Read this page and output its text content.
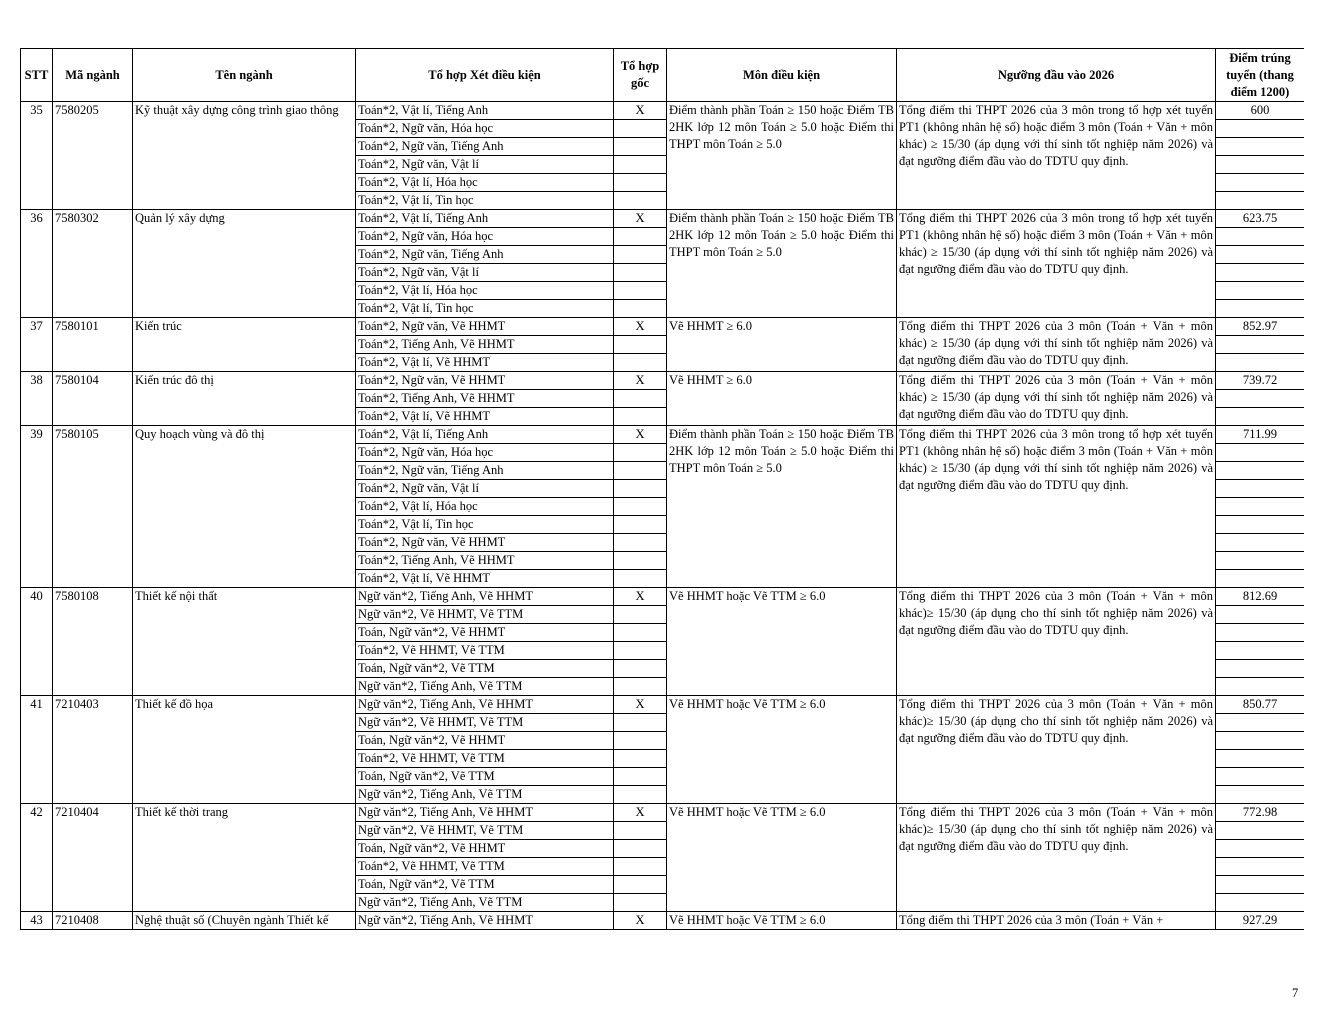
STT	Mã ngành	Tên ngành	Tổ hợp Xét điều kiện	Tổ hợp gốc	Môn điều kiện	Ngưỡng đầu vào 2026	Điểm trúng tuyển (thang điểm 1200)
35	7580205	Kỹ thuật xây dựng công trình giao thông	Toán*2, Vật lí, Tiếng Anh	X	Điểm thành phần Toán ≥ 150 hoặc Điểm TB 2HK lớp 12 môn Toán ≥ 5.0 hoặc Điểm thi THPT môn Toán ≥ 5.0	Tổng điểm thi THPT 2026 của 3 môn trong tổ hợp xét tuyển PT1 (không nhân hệ số) hoặc điểm 3 môn (Toán + Văn + môn khác) ≥ 15/30 (áp dụng với thí sinh tốt nghiệp năm 2026) và đạt ngưỡng điểm đầu vào do TDTU quy định.	600

			Toán*2, Ngữ văn, Hóa học				
			Toán*2, Ngữ văn, Tiếng Anh				
			Toán*2, Ngữ văn, Vật lí				
			Toán*2, Vật lí, Hóa học				
			Toán*2, Vật lí, Tin học				
36	7580302	Quản lý xây dựng	Toán*2, Vật lí, Tiếng Anh	X	Điểm thành phần Toán ≥ 150 hoặc Điểm TB 2HK lớp 12 môn Toán ≥ 5.0 hoặc Điểm thi THPT môn Toán ≥ 5.0	Tổng điểm thi THPT 2026 của 3 môn trong tổ hợp xét tuyển PT1 (không nhân hệ số) hoặc điểm 3 môn (Toán + Văn + môn khác) ≥ 15/30 (áp dụng với thí sinh tốt nghiệp năm 2026) và đạt ngưỡng điểm đầu vào do TDTU quy định.	623.75

			Toán*2, Ngữ văn, Hóa học				
			Toán*2, Ngữ văn, Tiếng Anh				
			Toán*2, Ngữ văn, Vật lí				
			Toán*2, Vật lí, Hóa học				
			Toán*2, Vật lí, Tin học				
37	7580101	Kiến trúc	Toán*2, Ngữ văn, Vẽ HHMT	X	Vẽ HHMT ≥ 6.0	Tổng điểm thi THPT 2026 của 3 môn (Toán + Văn + môn khác) ≥ 15/30 (áp dụng với thí sinh tốt nghiệp năm 2026) và đạt ngưỡng điểm đầu vào do TDTU quy định.	852.97

			Toán*2, Tiếng Anh, Vẽ HHMT				
			Toán*2, Vật lí, Vẽ HHMT				
38	7580104	Kiến trúc đô thị	Toán*2, Ngữ văn, Vẽ HHMT	X	Vẽ HHMT ≥ 6.0	Tổng điểm thi THPT 2026 của 3 môn (Toán + Văn + môn khác) ≥ 15/30 (áp dụng với thí sinh tốt nghiệp năm 2026) và đạt ngưỡng điểm đầu vào do TDTU quy định.	739.72

			Toán*2, Tiếng Anh, Vẽ HHMT				
			Toán*2, Vật lí, Vẽ HHMT				
39	7580105	Quy hoạch vùng và đô thị	Toán*2, Vật lí, Tiếng Anh	X	Điểm thành phần Toán ≥ 150 hoặc Điểm TB 2HK lớp 12 môn Toán ≥ 5.0 hoặc Điểm thi THPT môn Toán ≥ 5.0	Tổng điểm thi THPT 2026 của 3 môn trong tổ hợp xét tuyển PT1 (không nhân hệ số) hoặc điểm 3 môn (Toán + Văn + môn khác) ≥ 15/30 (áp dụng với thí sinh tốt nghiệp năm 2026) và đạt ngưỡng điểm đầu vào do TDTU quy định.	711.99

			Toán*2, Ngữ văn, Hóa học				
			Toán*2, Ngữ văn, Tiếng Anh				
			Toán*2, Ngữ văn, Vật lí				
			Toán*2, Vật lí, Hóa học				
			Toán*2, Vật lí, Tin học				
			Toán*2, Ngữ văn, Vẽ HHMT				
			Toán*2, Tiếng Anh, Vẽ HHMT				
			Toán*2, Vật lí, Vẽ HHMT				
40	7580108	Thiết kế nội thất	Ngữ văn*2, Tiếng Anh, Vẽ HHMT	X	Vẽ HHMT hoặc Vẽ TTM ≥ 6.0	Tổng điểm thi THPT 2026 của 3 môn (Toán + Văn + môn khác)≥ 15/30 (áp dụng cho thí sinh tốt nghiệp năm 2026) và đạt ngưỡng điểm đầu vào do TDTU quy định.	812.69

			Ngữ văn*2, Vẽ HHMT, Vẽ TTM				
			Toán, Ngữ văn*2, Vẽ HHMT				
			Toán*2, Vẽ HHMT, Vẽ TTM				
			Toán, Ngữ văn*2, Vẽ TTM				
			Ngữ văn*2, Tiếng Anh, Vẽ TTM				
41	7210403	Thiết kế đồ họa	Ngữ văn*2, Tiếng Anh, Vẽ HHMT	X	Vẽ HHMT hoặc Vẽ TTM ≥ 6.0	Tổng điểm thi THPT 2026 của 3 môn (Toán + Văn + môn khác)≥ 15/30 (áp dụng cho thí sinh tốt nghiệp năm 2026) và đạt ngưỡng điểm đầu vào do TDTU quy định.	850.77

			Ngữ văn*2, Vẽ HHMT, Vẽ TTM				
			Toán, Ngữ văn*2, Vẽ HHMT				
			Toán*2, Vẽ HHMT, Vẽ TTM				
			Toán, Ngữ văn*2, Vẽ TTM				
			Ngữ văn*2, Tiếng Anh, Vẽ TTM				
42	7210404	Thiết kế thời trang	Ngữ văn*2, Tiếng Anh, Vẽ HHMT	X	Vẽ HHMT hoặc Vẽ TTM ≥ 6.0	Tổng điểm thi THPT 2026 của 3 môn (Toán + Văn + môn khác)≥ 15/30 (áp dụng cho thí sinh tốt nghiệp năm 2026) và đạt ngưỡng điểm đầu vào do TDTU quy định.	772.98

			Ngữ văn*2, Vẽ HHMT, Vẽ TTM				
			Toán, Ngữ văn*2, Vẽ HHMT				
			Toán*2, Vẽ HHMT, Vẽ TTM				
			Toán, Ngữ văn*2, Vẽ TTM				
			Ngữ văn*2, Tiếng Anh, Vẽ TTM				
43	7210408	Nghệ thuật số (Chuyên ngành Thiết kế	Ngữ văn*2, Tiếng Anh, Vẽ HHMT	X	Vẽ HHMT hoặc Vẽ TTM ≥ 6.0	Tổng điểm thi THPT 2026 của 3 môn (Toán + Văn +	927.29
7
